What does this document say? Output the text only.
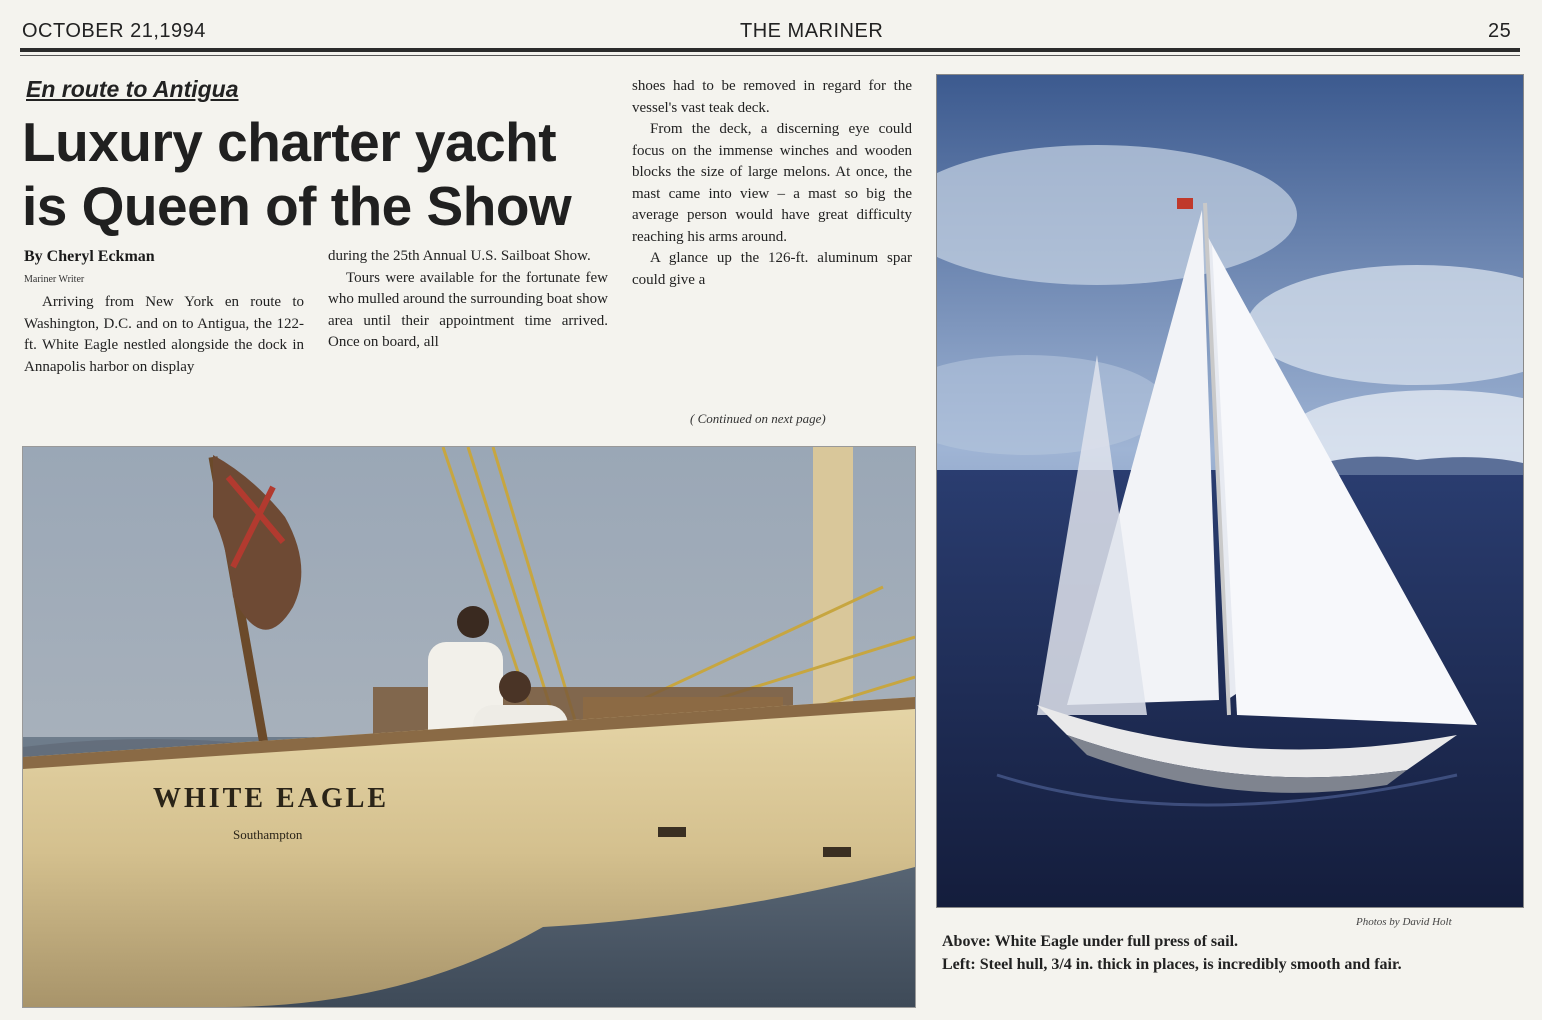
OCTOBER 21,1994	THE MARINER	25
En route to Antigua
Luxury charter yacht
is Queen of the Show
By Cheryl Eckman
Mariner Writer

Arriving from New York en route to Washington, D.C. and on to Antigua, the 122-ft. White Eagle nestled alongside the dock in Annapolis harbor on display

during the 25th Annual U.S. Sailboat Show.

Tours were available for the fortunate few who mulled around the surrounding boat show area until their appointment time arrived. Once on board, all

shoes had to be removed in regard for the vessel's vast teak deck.

From the deck, a discerning eye could focus on the immense winches and wooden blocks the size of large melons. At once, the mast came into view – a mast so big the average person would have great difficulty reaching his arms around.

A glance up the 126-ft. aluminum spar could give a

( Continued on next page)
WHITE EAGLE
Southampton
Photos by David Holt
Above: White Eagle under full press of sail.
Left: Steel hull, 3/4 in. thick in places, is incredibly smooth and fair.
